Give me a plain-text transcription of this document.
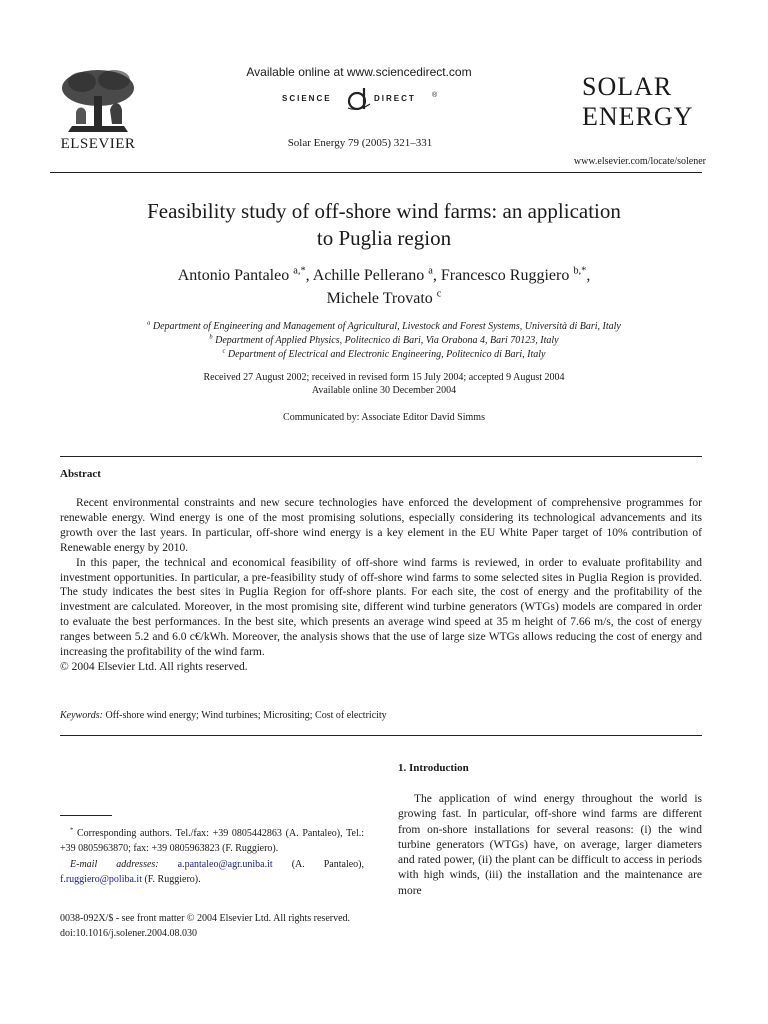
ELSEVIER
Available online at www.sciencedirect.com
SCIENCE	DIRECT ®
Solar Energy 79 (2005) 321–331
SOLAR
ENERGY
www.elsevier.com/locate/solener
Feasibility study of off-shore wind farms: an application
to Puglia region
Antonio Pantaleo $^{a,*}$, Achille Pellerano $^a$, Francesco Ruggiero $^{b,*}$,
Michele Trovato $^c$
$^a$ Department of Engineering and Management of Agricultural, Livestock and Forest Systems, Università di Bari, Italy
$^b$ Department of Applied Physics, Politecnico di Bari, Via Orabona 4, Bari 70123, Italy
$^c$ Department of Electrical and Electronic Engineering, Politecnico di Bari, Italy
Received 27 August 2002; received in revised form 15 July 2004; accepted 9 August 2004
Available online 30 December 2004
Communicated by: Associate Editor David Simms
Abstract

Recent environmental constraints and new secure technologies have enforced the development of comprehensive programmes for renewable energy. Wind energy is one of the most promising solutions, especially considering its technological advancements and its growth over the last years. In particular, off-shore wind energy is a key element in the EU White Paper target of 10% contribution of Renewable energy by 2010.

In this paper, the technical and economical feasibility of off-shore wind farms is reviewed, in order to evaluate profitability and investment opportunities. In particular, a pre-feasibility study of off-shore wind farms to some selected sites in Puglia Region is provided. The study indicates the best sites in Puglia Region for off-shore plants. For each site, the cost of energy and the profitability of the investment are calculated. Moreover, in the most promising site, different wind turbine generators (WTGs) models are compared in order to evaluate the best performances. In the best site, which presents an average wind speed at 35 m height of 7.66 m/s, the cost of energy ranges between 5.2 and 6.0 c€/kWh. Moreover, the analysis shows that the use of large size WTGs allows reducing the cost of energy and increasing the profitability of the wind farm.

© 2004 Elsevier Ltd. All rights reserved.

Keywords: Off-shore wind energy; Wind turbines; Micrositing; Cost of electricity
* Corresponding authors. Tel./fax: +39 0805442863 (A. Pantaleo), Tel.: +39 0805963870; fax: +39 0805963823 (F. Ruggiero).
E-mail addresses: a.pantaleo@agr.uniba.it (A. Pantaleo), f.ruggiero@poliba.it (F. Ruggiero).
1. Introduction

The application of wind energy throughout the world is growing fast. In particular, off-shore wind farms are different from on-shore installations for several reasons: (i) the wind turbine generators (WTGs) have, on average, larger diameters and rated power, (ii) the plant can be difficult to access in periods with high winds, (iii) the installation and the maintenance are more

0038-092X/$ - see front matter © 2004 Elsevier Ltd. All rights reserved.
doi:10.1016/j.solener.2004.08.030
